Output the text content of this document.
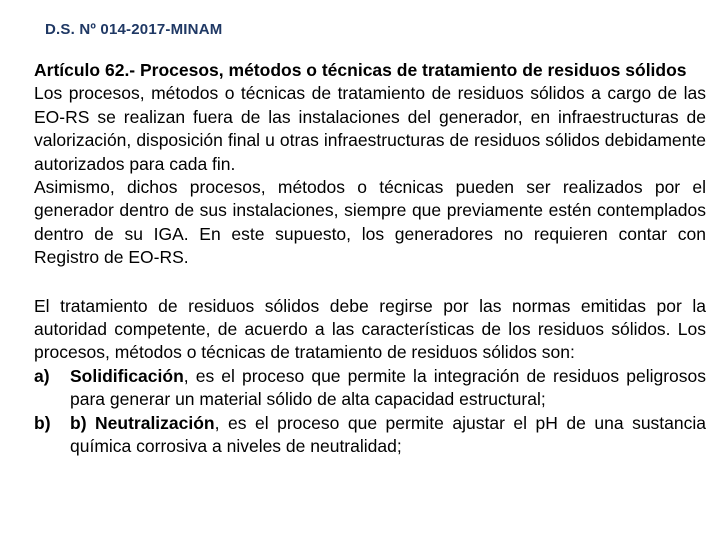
D.S. Nº 014-2017-MINAM

Artículo 62.- Procesos, métodos o técnicas de tratamiento de residuos sólidos

Los procesos, métodos o técnicas de tratamiento de residuos sólidos a cargo de las EO-RS se realizan fuera de las instalaciones del generador, en infraestructuras de valorización, disposición final u otras infraestructuras de residuos sólidos debidamente autorizados para cada fin.

Asimismo, dichos procesos, métodos o técnicas pueden ser realizados por el generador dentro de sus instalaciones, siempre que previamente estén contemplados dentro de su IGA. En este supuesto, los generadores no requieren contar con Registro de EO-RS.

El tratamiento de residuos sólidos debe regirse por las normas emitidas por la autoridad competente, de acuerdo a las características de los residuos sólidos. Los procesos, métodos o técnicas de tratamiento de residuos sólidos son:

a) Solidificación, es el proceso que permite la integración de residuos peligrosos para generar un material sólido de alta capacidad estructural;
b) b) Neutralización, es el proceso que permite ajustar el pH de una sustancia química corrosiva a niveles de neutralidad;
